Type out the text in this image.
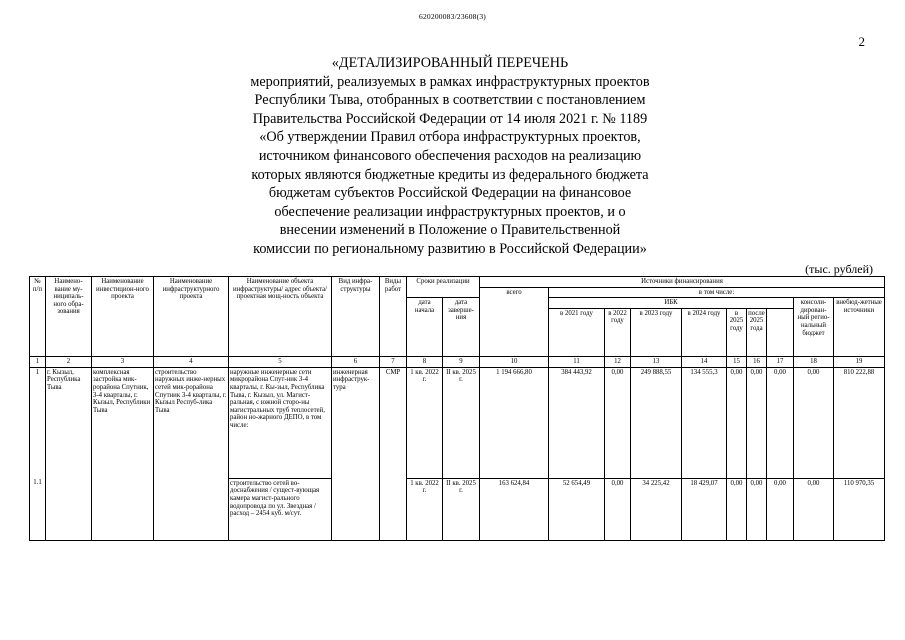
620200083/23608(3)
2
«ДЕТАЛИЗИРОВАННЫЙ ПЕРЕЧЕНЬ
мероприятий, реализуемых в рамках инфраструктурных проектов
Республики Тыва, отобранных в соответствии с постановлением
Правительства Российской Федерации от 14 июля 2021 г. № 1189
«Об утверждении Правил отбора инфраструктурных проектов,
источником финансового обеспечения расходов на реализацию
которых являются бюджетные кредиты из федерального бюджета
бюджетам субъектов Российской Федерации на финансовое
обеспечение реализации инфраструктурных проектов, и о
внесении изменений в Положение о Правительственной
комиссии по региональному развитию в Российской Федерации»
(тыс. рублей)
№ п/п	Наимено-вание му-ниципаль-ного обра-зования	Наименование инвестицион-ного проекта	Наименование инфраструктурного проекта	Наименование объекта инфраструктуры/ адрес объекта/ проектная мощ-ность объекта	Вид инфра-структуры	Виды работ	Сроки реализации		Источники финансирования									
									всего	в том числе:								
							дата начала	дата заверше-ния		ИБК							консоли-дирован-ный регио-нальный бюджет	внебюд-жетные источники
										в 2021 году	в 2022 году	в 2023 году	в 2024 году	в 2025 году	после 2025 года		
1	2	3	4	5	6	7	8	9	10	11	12	13	14	15	16	17	18	19
1	г. Кызыл, Республика Тыва	комплексная застройка мик-рорайона Спутник, 3-4 кварталы, г. Кызыл, Республики Тыва	строительство наружных инже-нерных сетей мик-рорайона Спутник 3-4 кварталы, г. Кызыл Респуб-лика Тыва	наружные инженерные сети микрорайона Спут-ник 3-4 кварталы, г. Кы-зыл, Республика Тыва, г. Кызыл, ул. Магист-ральная, с южной сторо-ны магистральных труб теплосетей, район но-жарного ДЕПО, в том числе:	инженерная инфраструк-тура	СМР	1 кв. 2022 г.	II кв. 2025 г.	1 194 666,80	384 443,92	0,00	249 888,55	134 555,3	0,00	0,00	0,00	0,00	810 222,88
1.1				строительство сетей во-доснабжения / сущест-вующая камера магист-рального водопровода по ул. Звездная / расход – 2454 куб. м/сут.			1 кв. 2022 г.	II кв. 2025 г.	163 624,84	52 654,49	0,00	34 225,42	18 429,07	0,00	0,00	0,00	0,00	110 970,35
